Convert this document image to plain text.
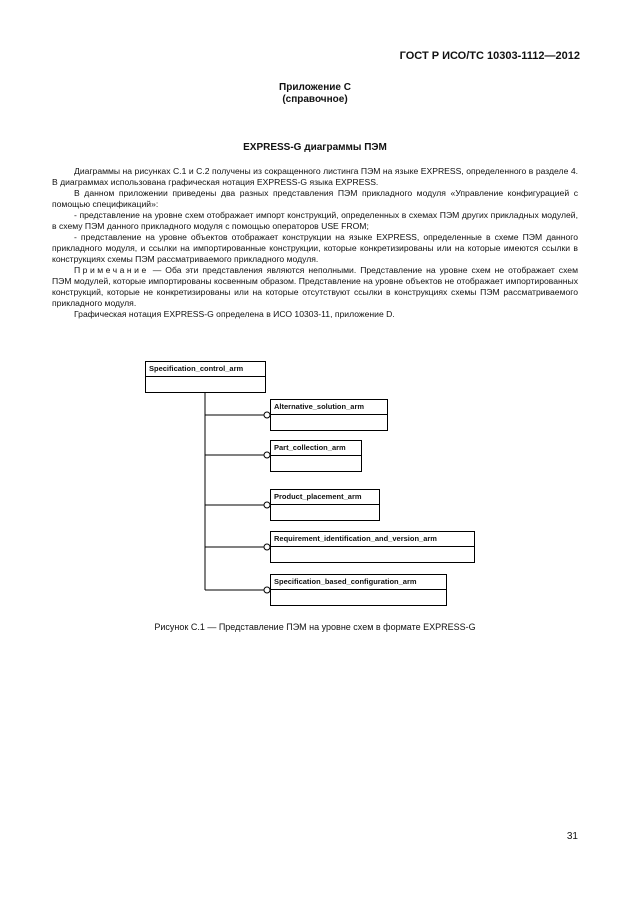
ГОСТ Р ИСО/ТС 10303-1112—2012
Приложение С
(справочное)
EXPRESS-G диаграммы ПЭМ

Диаграммы на рисунках С.1 и С.2 получены из сокращенного листинга ПЭМ на языке EXPRESS, определенного в разделе 4. В диаграммах использована графическая нотация EXPRESS-G языка EXPRESS.

В данном приложении приведены два разных представления ПЭМ прикладного модуля «Управление конфигурацией с помощью спецификаций»:

- представление на уровне схем отображает импорт конструкций, определенных в схемах ПЭМ других прикладных модулей, в схему ПЭМ данного прикладного модуля с помощью операторов USE FROM;

- представление на уровне объектов отображает конструкции на языке EXPRESS, определенные в схеме ПЭМ данного прикладного модуля, и ссылки на импортированные конструкции, которые конкретизированы или на которые имеются ссылки в конструкциях схемы ПЭМ рассматриваемого прикладного модуля.

Примечание — Оба эти представления являются неполными. Представление на уровне схем не отображает схем ПЭМ модулей, которые импортированы косвенным образом. Представление на уровне объектов не отображает импортированных конструкций, которые не конкретизированы или на которые отсутствуют ссылки в конструкциях схемы ПЭМ рассматриваемого прикладного модуля.

Графическая нотация EXPRESS-G определена в ИСО 10303-11, приложение D.

Specification_control_arm
Alternative_solution_arm
Part_collection_arm
Product_placement_arm
Requirement_identification_and_version_arm
Specification_based_configuration_arm
Рисунок С.1 — Представление ПЭМ на уровне схем в формате EXPRESS-G
31
